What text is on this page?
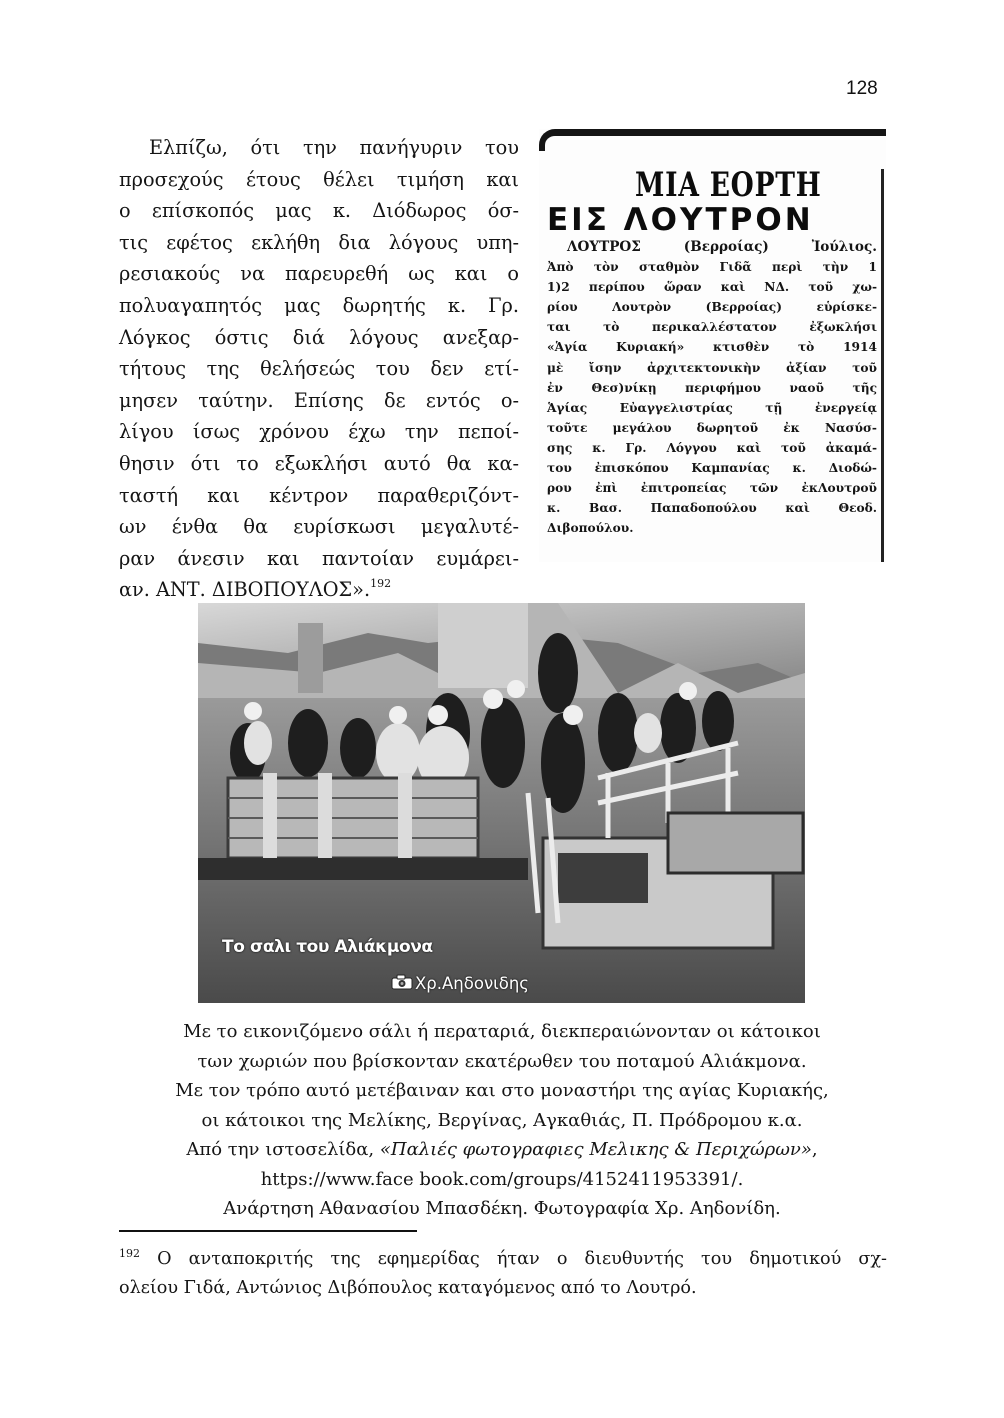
128
Ελπίζω, ότι την πανήγυριν του
προσεχούς έτους θέλει τιμήση και
ο επίσκοπός μας κ. Διόδωρος όσ-
τις εφέτος εκλήθη δια λόγους υπη-
ρεσιακούς να παρευρεθή ως και ο
πολυαγαπητός μας δωρητής κ. Γρ.
Λόγκος όστις διά λόγους ανεξαρ-
τήτους της θελήσεώς του δεν ετί-
μησεν ταύτην. Επίσης δε εντός ο-
λίγου ίσως χρόνου έχω την πεποί-
θησιν ότι το εξωκλήσι αυτό θα κα-
ταστή και κέντρον παραθεριζόντ-
ων ένθα θα ευρίσκωσι μεγαλυτέ-
ραν άνεσιν και παντοίαν ευμάρει-
αν. ΑΝΤ. ΔΙΒΟΠΟΥΛΟΣ».$^{192}$
ΜΙΑ ΕΟΡΤΗ
ΕΙΣ ΛΟΥΤΡΟΝ
ΛΟΥΤΡΟΣ (Βερροίας) Ἰούλιος.
Ἀπὸ τὸν σταθμὸν Γιδᾶ περὶ τὴν 1
1)2 περίπου ὥραν καὶ ΝΔ. τοῦ χω-
ρίου Λουτρὸν (Βερροίας) εὑρίσκε-
ται τὸ περικαλλέστατον ἐξωκλήσι
«Ἁγία Κυριακή» κτισθὲν τὸ 1914
μὲ ἴσην ἀρχιτεκτονικὴν ἀξίαν τοῦ
ἐν Θεσ)νίκῃ περιφήμου ναοῦ τῆς
Ἁγίας Εὐαγγελιστρίας τῇ ἐνεργείᾳ
τοῦτε μεγάλου δωρητοῦ ἐκ Νασύσ-
σης κ. Γρ. Λόγγου καὶ τοῦ ἀκαμά-
του ἐπισκόπου Καμπανίας κ. Διοδώ-
ρου ἐπὶ ἐπιτροπείας τῶν ἐκΛουτροῦ
κ. Βασ. Παπαδοπούλου καὶ Θεοδ.
Διβοπούλου.
Το σαλι του Αλιάκμονα
Χρ.Αηδονιδης
Με το εικονιζόμενο σάλι ή περαταριά, διεκπεραιώνονταν οι κάτοικοι
των χωριών που βρίσκονταν εκατέρωθεν του ποταμού Αλιάκμονα.
Με τον τρόπο αυτό μετέβαιναν και στο μοναστήρι της αγίας Κυριακής,
οι κάτοικοι της Μελίκης, Βεργίνας, Αγκαθιάς, Π. Πρόδρομου κ.α.
Από την ιστοσελίδα, «Παλιές φωτογραφιες Μελικης & Περιχώρων»,
https://www.face book.com/groups/4152411953391/.
Ανάρτηση Αθανασίου Μπασδέκη. Φωτογραφία Χρ. Αηδονίδη.
$^{192}$ Ο ανταποκριτής της εφημερίδας ήταν ο διευθυντής του δημοτικού σχ-
ολείου Γιδά, Αντώνιος Διβόπουλος καταγόμενος από το Λουτρό.
